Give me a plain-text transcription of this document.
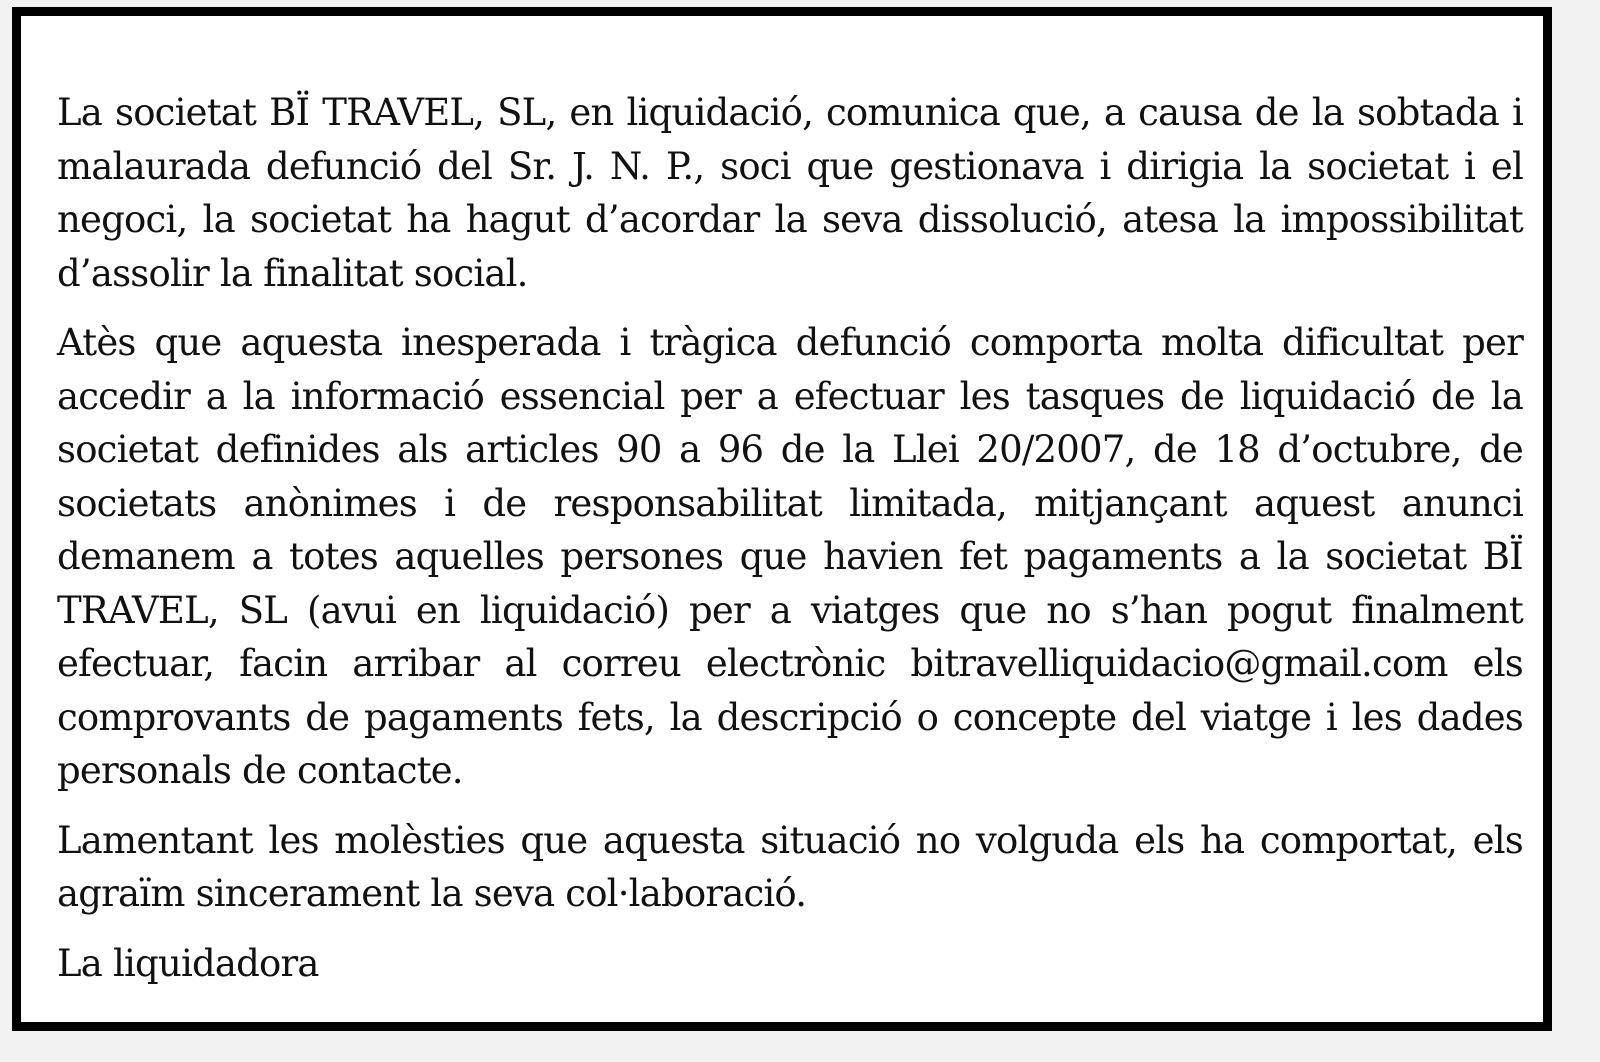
La societat BÏ TRAVEL, SL, en liquidació, comunica que, a causa de la sobtada i malaurada defunció del Sr. J. N. P., soci que gestionava i dirigia la societat i el negoci, la societat ha hagut d’acordar la seva dissolució, atesa la impossibilitat d’assolir la finalitat social.

Atès que aquesta inesperada i tràgica defunció comporta molta dificultat per accedir a la informació essencial per a efectuar les tasques de liquidació de la societat definides als articles 90 a 96 de la Llei 20/2007, de 18 d’octubre, de societats anònimes i de responsabilitat limitada, mitjançant aquest anunci demanem a totes aquelles persones que havien fet pagaments a la societat BÏ TRAVEL, SL (avui en liquidació) per a viatges que no s’han pogut finalment efectuar, facin arribar al correu electrònic bitravelliquidacio@gmail.com els comprovants de pagaments fets, la descripció o concepte del viatge i les dades personals de contacte.

Lamentant les molèsties que aquesta situació no volguda els ha comportat, els agraïm sincerament la seva col·laboració.

La liquidadora
